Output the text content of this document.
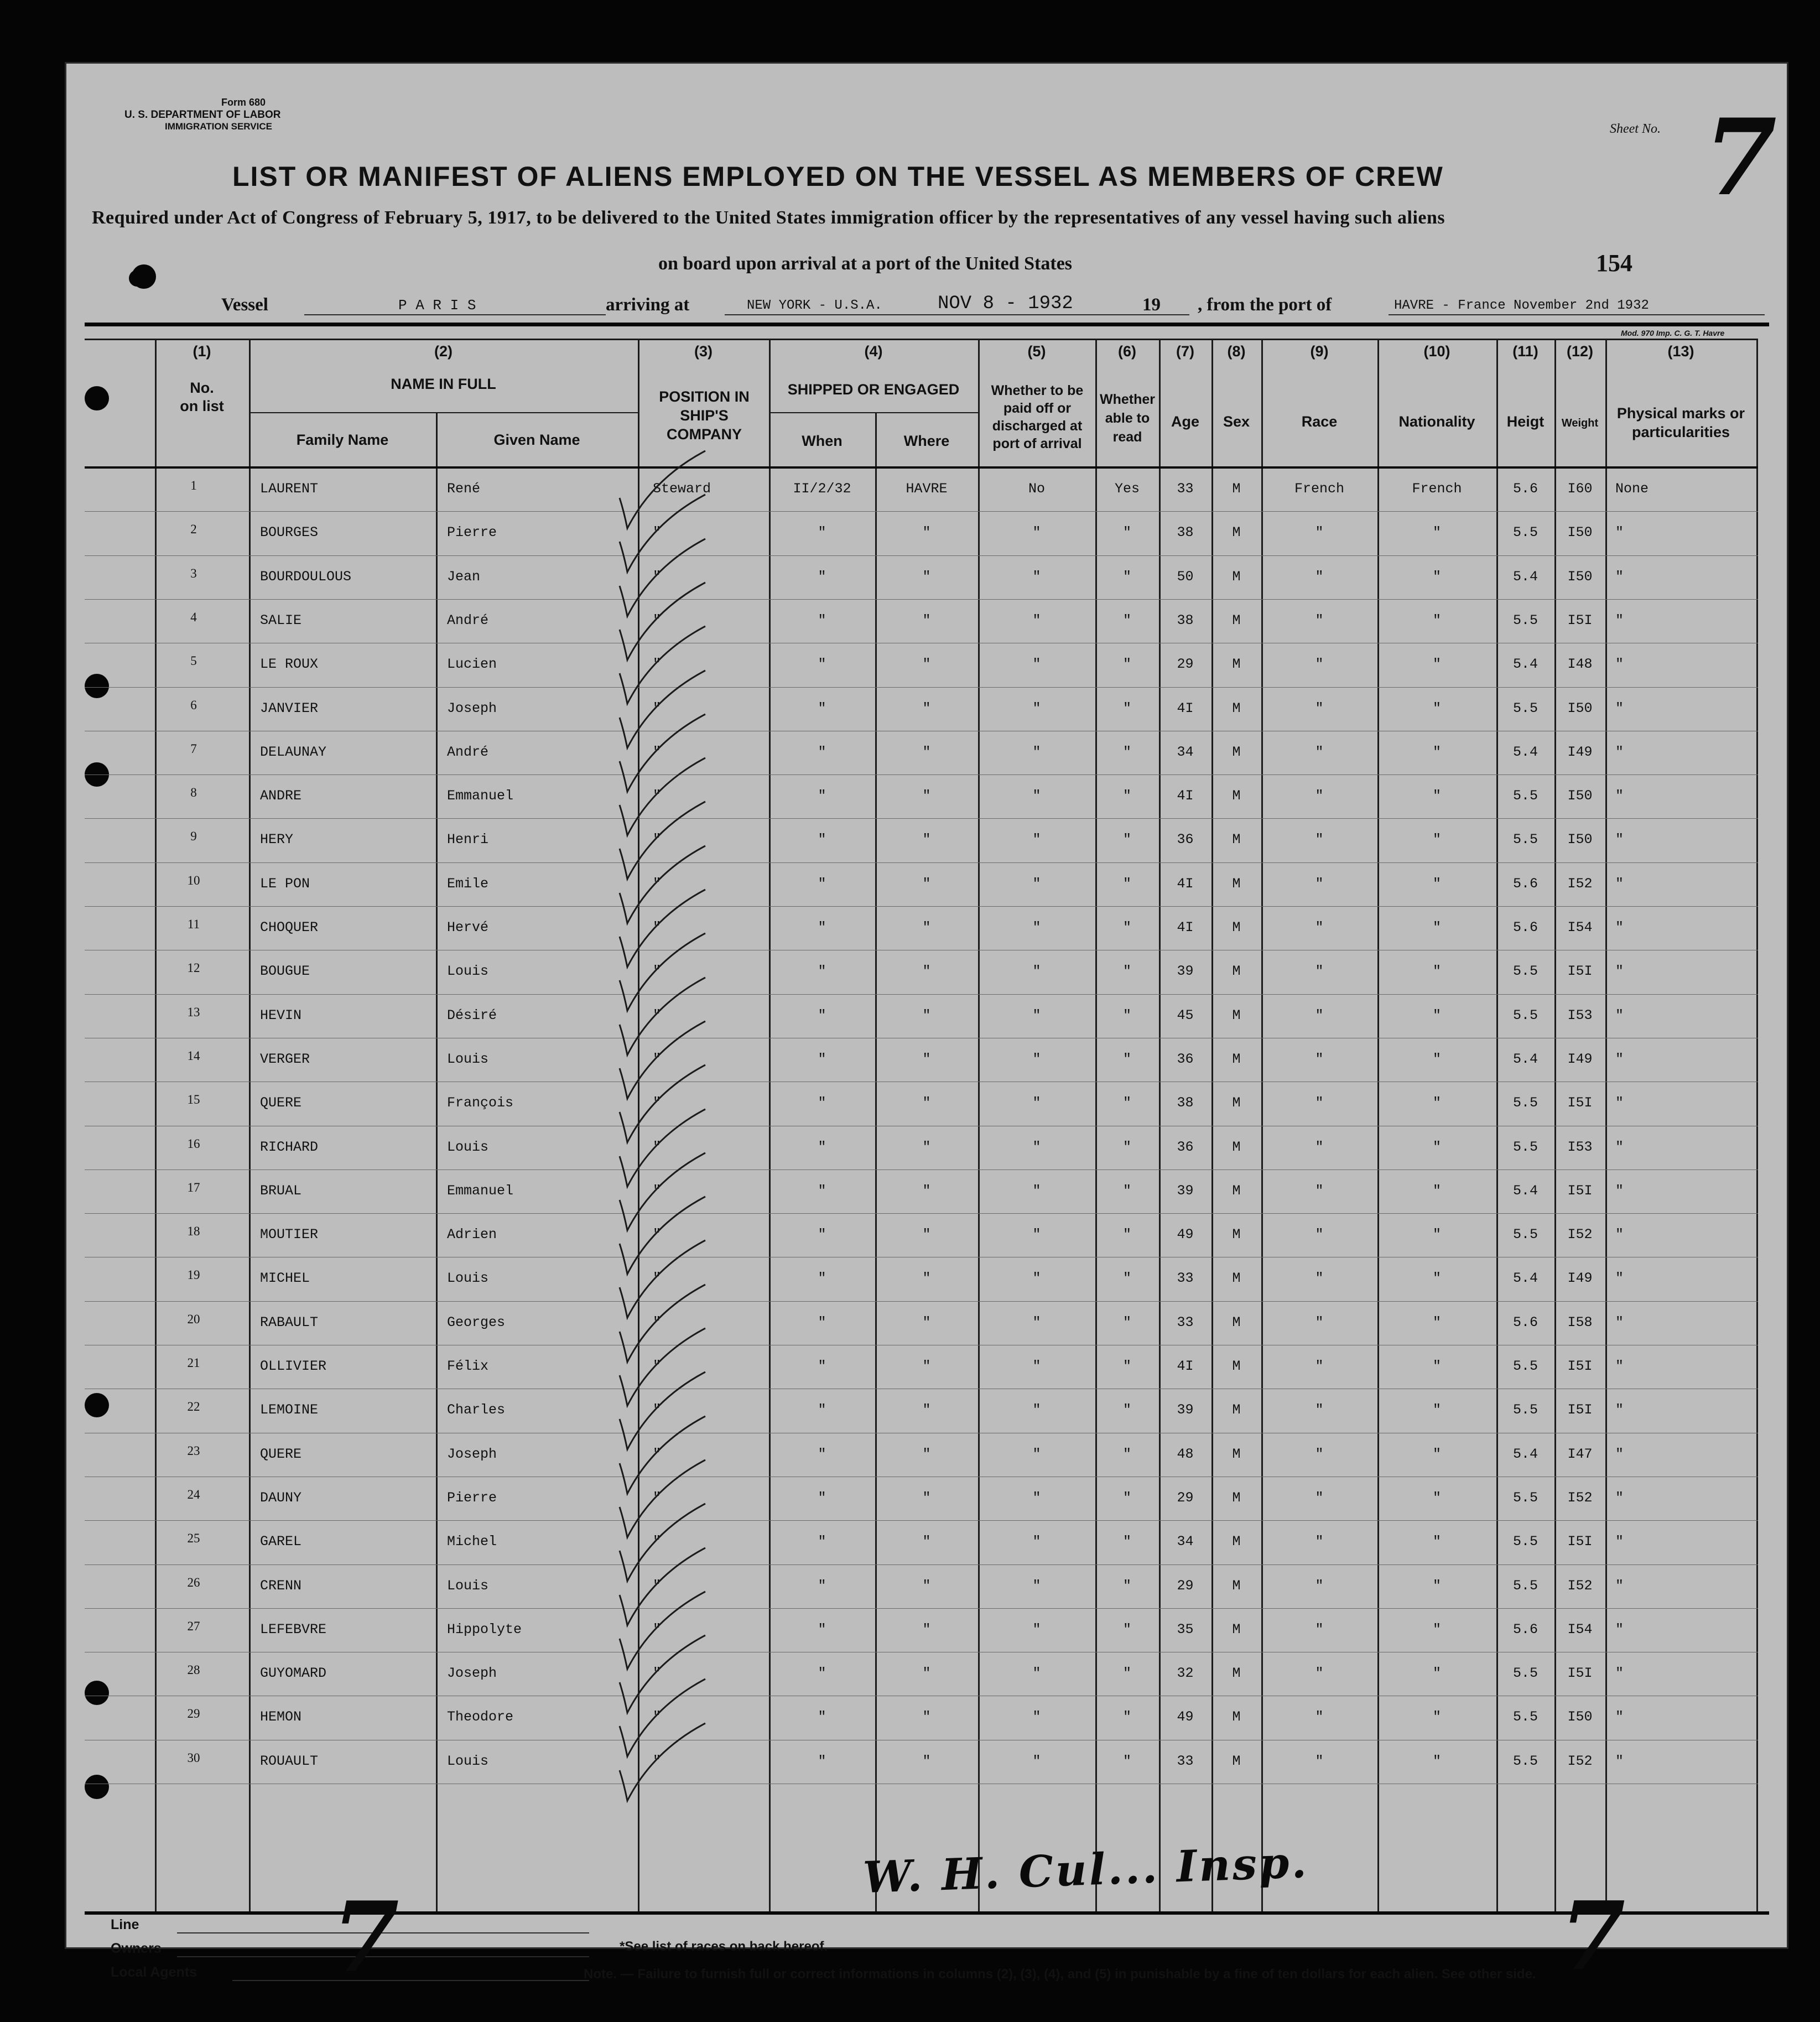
Form 680
U. S. DEPARTMENT OF LABOR
IMMIGRATION SERVICE	Sheet No. 7
LIST OR MANIFEST OF ALIENS EMPLOYED ON THE VESSEL AS MEMBERS OF CREW
Required under Act of Congress of February 5, 1917, to be delivered to the United States immigration officer by the representatives of any vessel having such aliens
on board upon arrival at a port of the United States	154
Vessel	P A R I S	arriving at	NEW YORK - U.S.A.	NOV 8 - 1932	19 , from the port of	HAVRE - France November 2nd 1932
Mod. 970 Imp. C. G. T. Havre
(1)
No. on list
(2)
NAME IN FULL
Family Name	Given Name
(3)
POSITION IN SHIP'S COMPANY
(4)
SHIPPED OR ENGAGED
When	Where
(5)
Whether to be paid off or discharged at port of arrival
(6)
Whether able to read
(7)
Age
(8)
Sex
(9)
Race
(10)
Nationality
(11)
Heigt
(12)
Weight
(13)
Physical marks or particularities
1	LAURENT	René	Steward	II/2/32	HAVRE	No	Yes	33	M	French	French	5.6	I60	None
2	BOURGES	Pierre	"	"	"	"	"	38	M	"	"	5.5	I50	"
3	BOURDOULOUS	Jean	"	"	"	"	"	50	M	"	"	5.4	I50	"
4	SALIE	André	"	"	"	"	"	38	M	"	"	5.5	I5I	"
5	LE ROUX	Lucien	"	"	"	"	"	29	M	"	"	5.4	I48	"
6	JANVIER	Joseph	"	"	"	"	"	4I	M	"	"	5.5	I50	"
7	DELAUNAY	André	"	"	"	"	"	34	M	"	"	5.4	I49	"
8	ANDRE	Emmanuel	"	"	"	"	"	4I	M	"	"	5.5	I50	"
9	HERY	Henri	"	"	"	"	"	36	M	"	"	5.5	I50	"
10	LE PON	Emile	"	"	"	"	"	4I	M	"	"	5.6	I52	"
11	CHOQUER	Hervé	"	"	"	"	"	4I	M	"	"	5.6	I54	"
12	BOUGUE	Louis	"	"	"	"	"	39	M	"	"	5.5	I5I	"
13	HEVIN	Désiré	"	"	"	"	"	45	M	"	"	5.5	I53	"
14	VERGER	Louis	"	"	"	"	"	36	M	"	"	5.4	I49	"
15	QUERE	François	"	"	"	"	"	38	M	"	"	5.5	I5I	"
16	RICHARD	Louis	"	"	"	"	"	36	M	"	"	5.5	I53	"
17	BRUAL	Emmanuel	"	"	"	"	"	39	M	"	"	5.4	I5I	"
18	MOUTIER	Adrien	"	"	"	"	"	49	M	"	"	5.5	I52	"
19	MICHEL	Louis	"	"	"	"	"	33	M	"	"	5.4	I49	"
20	RABAULT	Georges	"	"	"	"	"	33	M	"	"	5.6	I58	"
21	OLLIVIER	Félix	"	"	"	"	"	4I	M	"	"	5.5	I5I	"
22	LEMOINE	Charles	"	"	"	"	"	39	M	"	"	5.5	I5I	"
23	QUERE	Joseph	"	"	"	"	"	48	M	"	"	5.4	I47	"
24	DAUNY	Pierre	"	"	"	"	"	29	M	"	"	5.5	I52	"
25	GAREL	Michel	"	"	"	"	"	34	M	"	"	5.5	I5I	"
26	CRENN	Louis	"	"	"	"	"	29	M	"	"	5.5	I52	"
27	LEFEBVRE	Hippolyte	"	"	"	"	"	35	M	"	"	5.6	I54	"
28	GUYOMARD	Joseph	"	"	"	"	"	32	M	"	"	5.5	I5I	"
29	HEMON	Theodore	"	"	"	"	"	49	M	"	"	5.5	I50	"
30	ROUAULT	Louis	"	"	"	"	"	33	M	"	"	5.5	I52	"
W. H. Cul... Insp.
Line
Owners
Local Agents 7	7
*See list of races on back hereof.
Note. — Failure to furnish full or correct informations in columns (2), (3), (4), and (5) in punishable by a fine of ten dollars for each alien. See other side.
